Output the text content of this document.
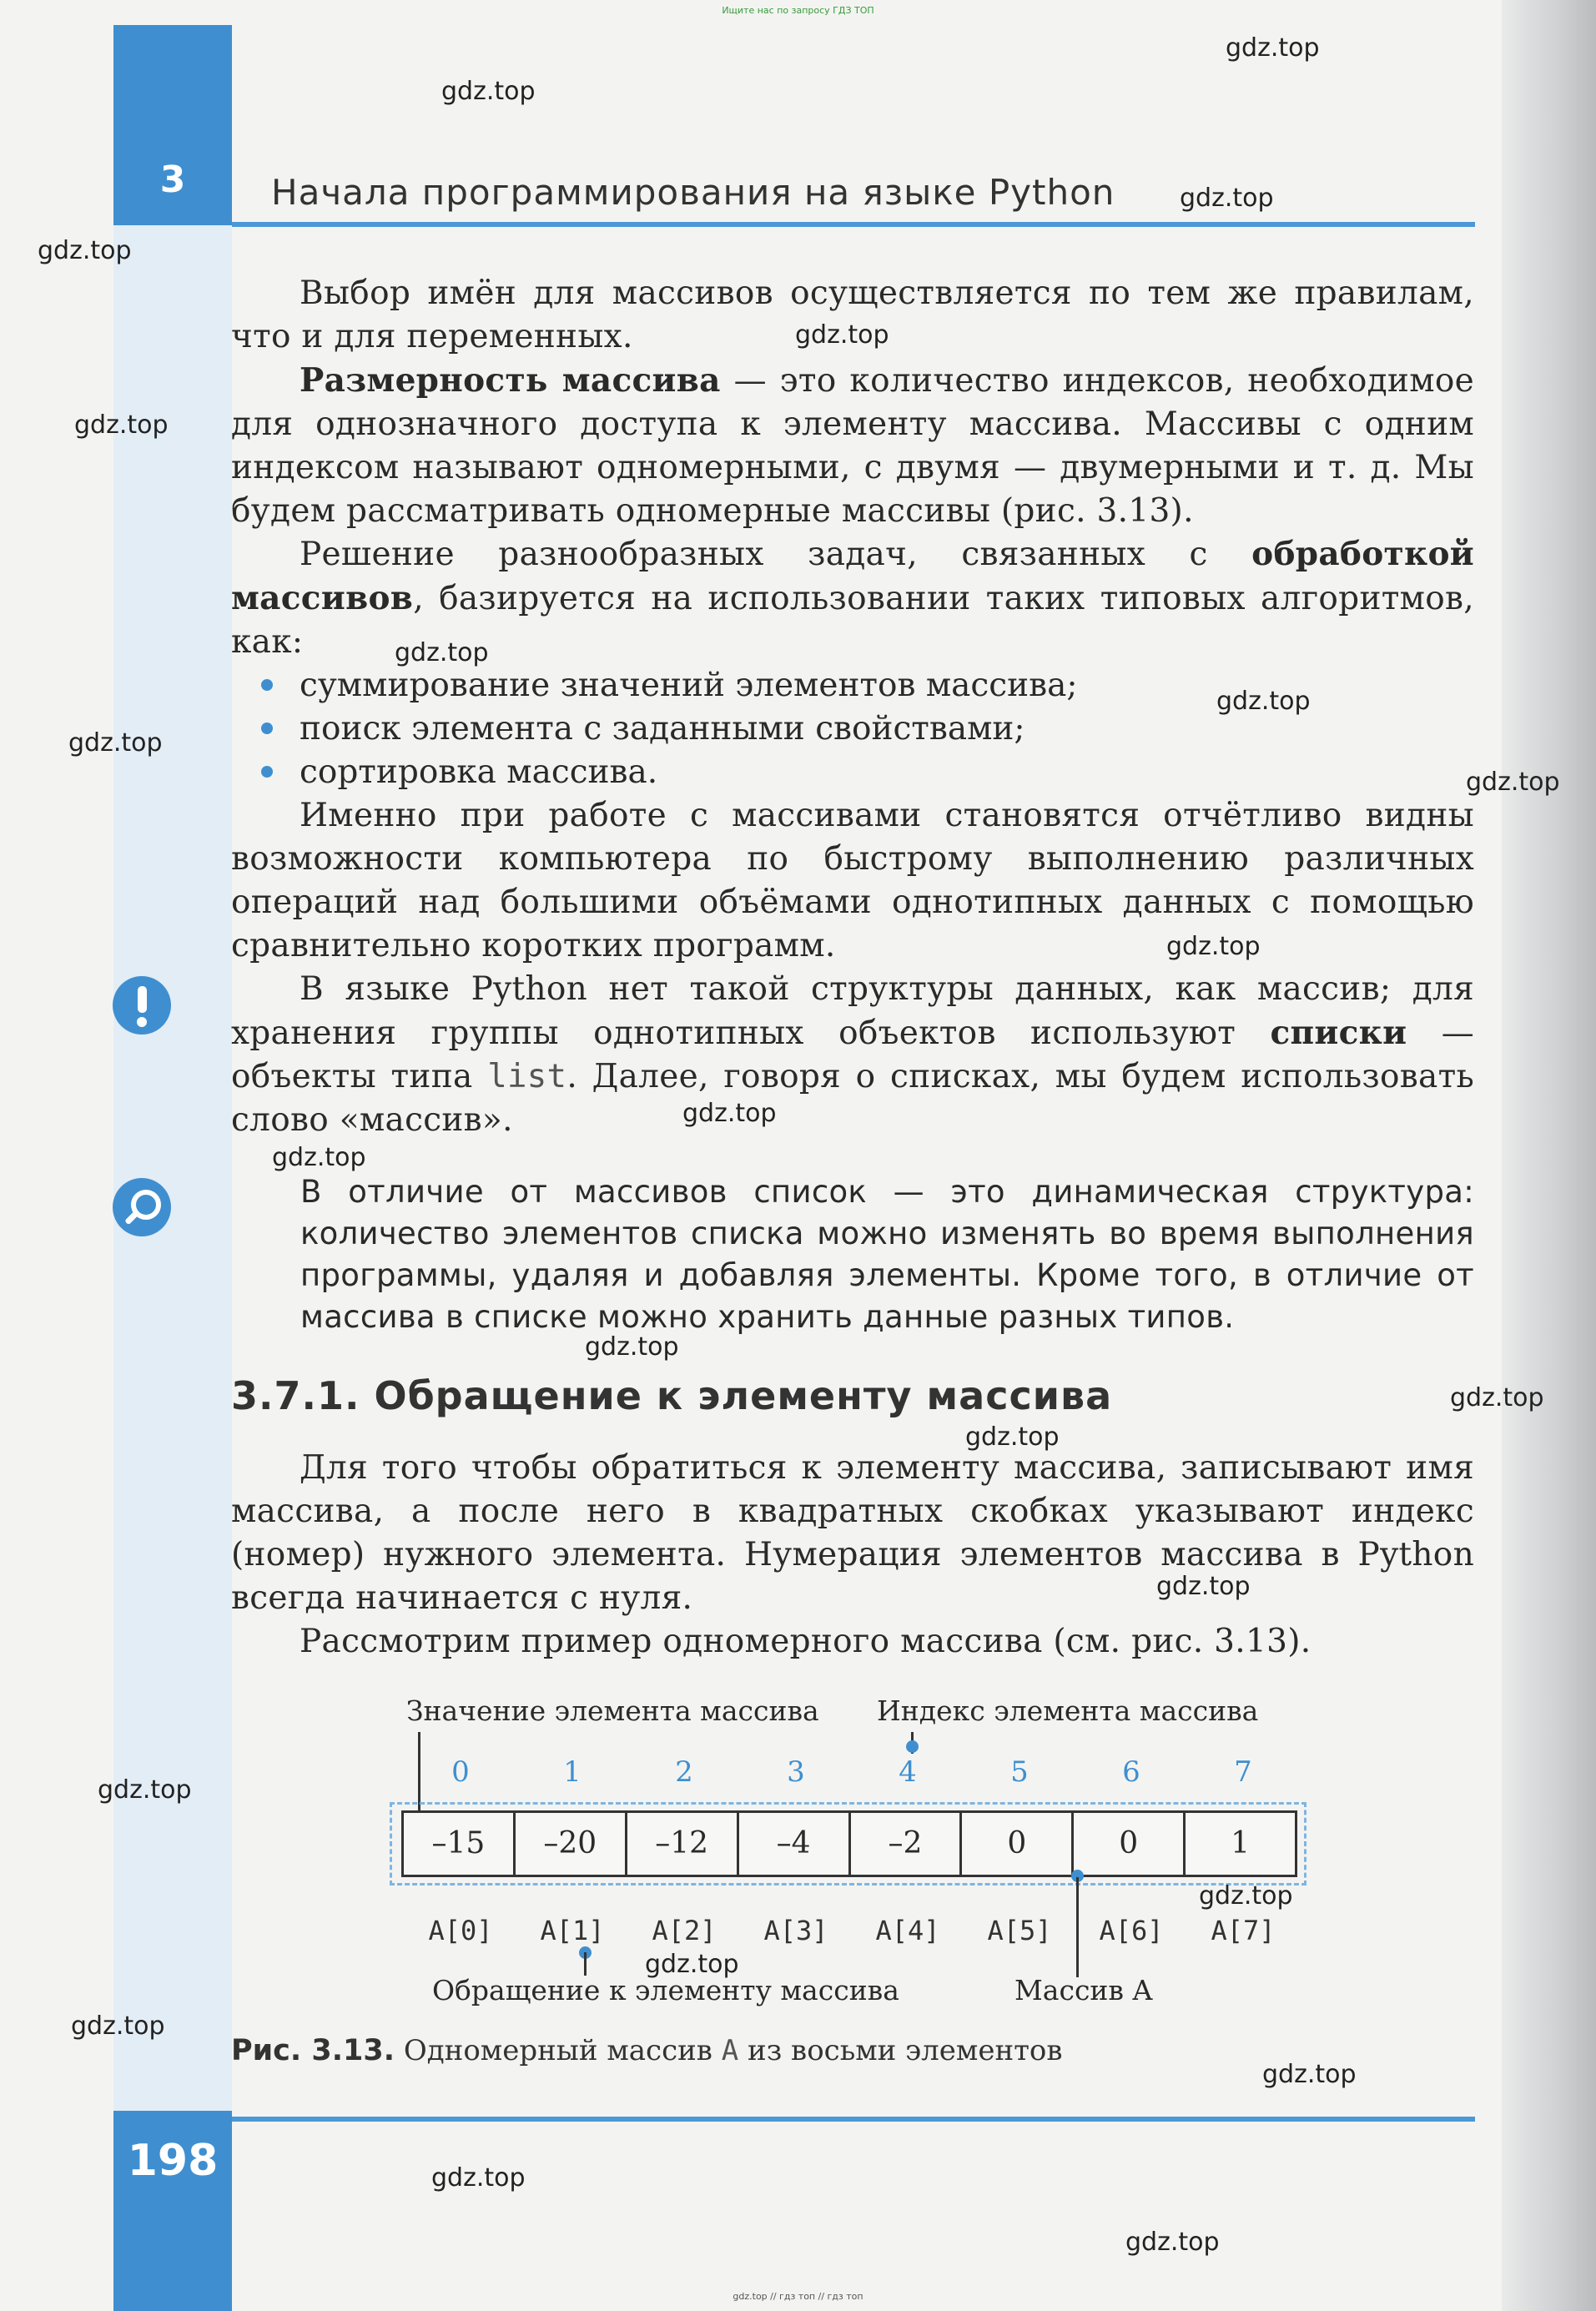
Ищите нас по запросу ГДЗ ТОП
3	Начала программирования на языке Python

Выбор имён для массивов осуществляется по тем же правилам, что и для переменных.

Размерность массива — это количество индексов, необходимое для однозначного доступа к элементу массива. Массивы с одним индексом называют одномерными, с двумя — двумерными и т. д. Мы будем рассматривать одномерные массивы (рис. 3.13).

Решение разнообразных задач, связанных с обработкой массивов, базируется на использовании таких типовых алгоритмов, как:

суммирование значений элементов массива;
поиск элемента с заданными свойствами;
сортировка массива.

Именно при работе с массивами становятся отчётливо видны возможности компьютера по быстрому выполнению различных операций над большими объёмами однотипных данных с помощью сравнительно коротких программ.

В языке Python нет такой структуры данных, как массив; для хранения группы однотипных объектов используют списки — объекты типа list. Далее, говоря о списках, мы будем использовать слово «массив».

В отличие от массивов список — это динамическая структура: количество элементов списка можно изменять во время выполнения программы, удаляя и добавляя элементы. Кроме того, в отличие от массива в списке можно хранить данные разных типов.

3.7.1. Обращение к элементу массива

Для того чтобы обратиться к элементу массива, записывают имя массива, а после него в квадратных скобках указывают индекс (номер) нужного элемента. Нумерация элементов массива в Python всегда начинается с нуля.

Рассмотрим пример одномерного массива (см. рис. 3.13).

Значение элемента массива Индекс элемента массива
0	1	2	3	4	5	6	7
–15	–20	–12	–4	–2	0	0	1
A[0]	A[1]	A[2]	A[3]	A[4]	A[5]	A[6]	A[7]
Обращение к элементу массива	Массив A
Рис. 3.13. Одномерный массив A из восьми элементов
198
gdz.top // гдз топ // гдз топ
gdz.top
gdz.top
gdz.top
gdz.top
gdz.top
gdz.top
gdz.top
gdz.top
gdz.top
gdz.top
gdz.top
gdz.top
gdz.top
gdz.top
gdz.top
gdz.top
gdz.top
gdz.top
gdz.top
gdz.top
gdz.top
gdz.top
gdz.top
gdz.top
